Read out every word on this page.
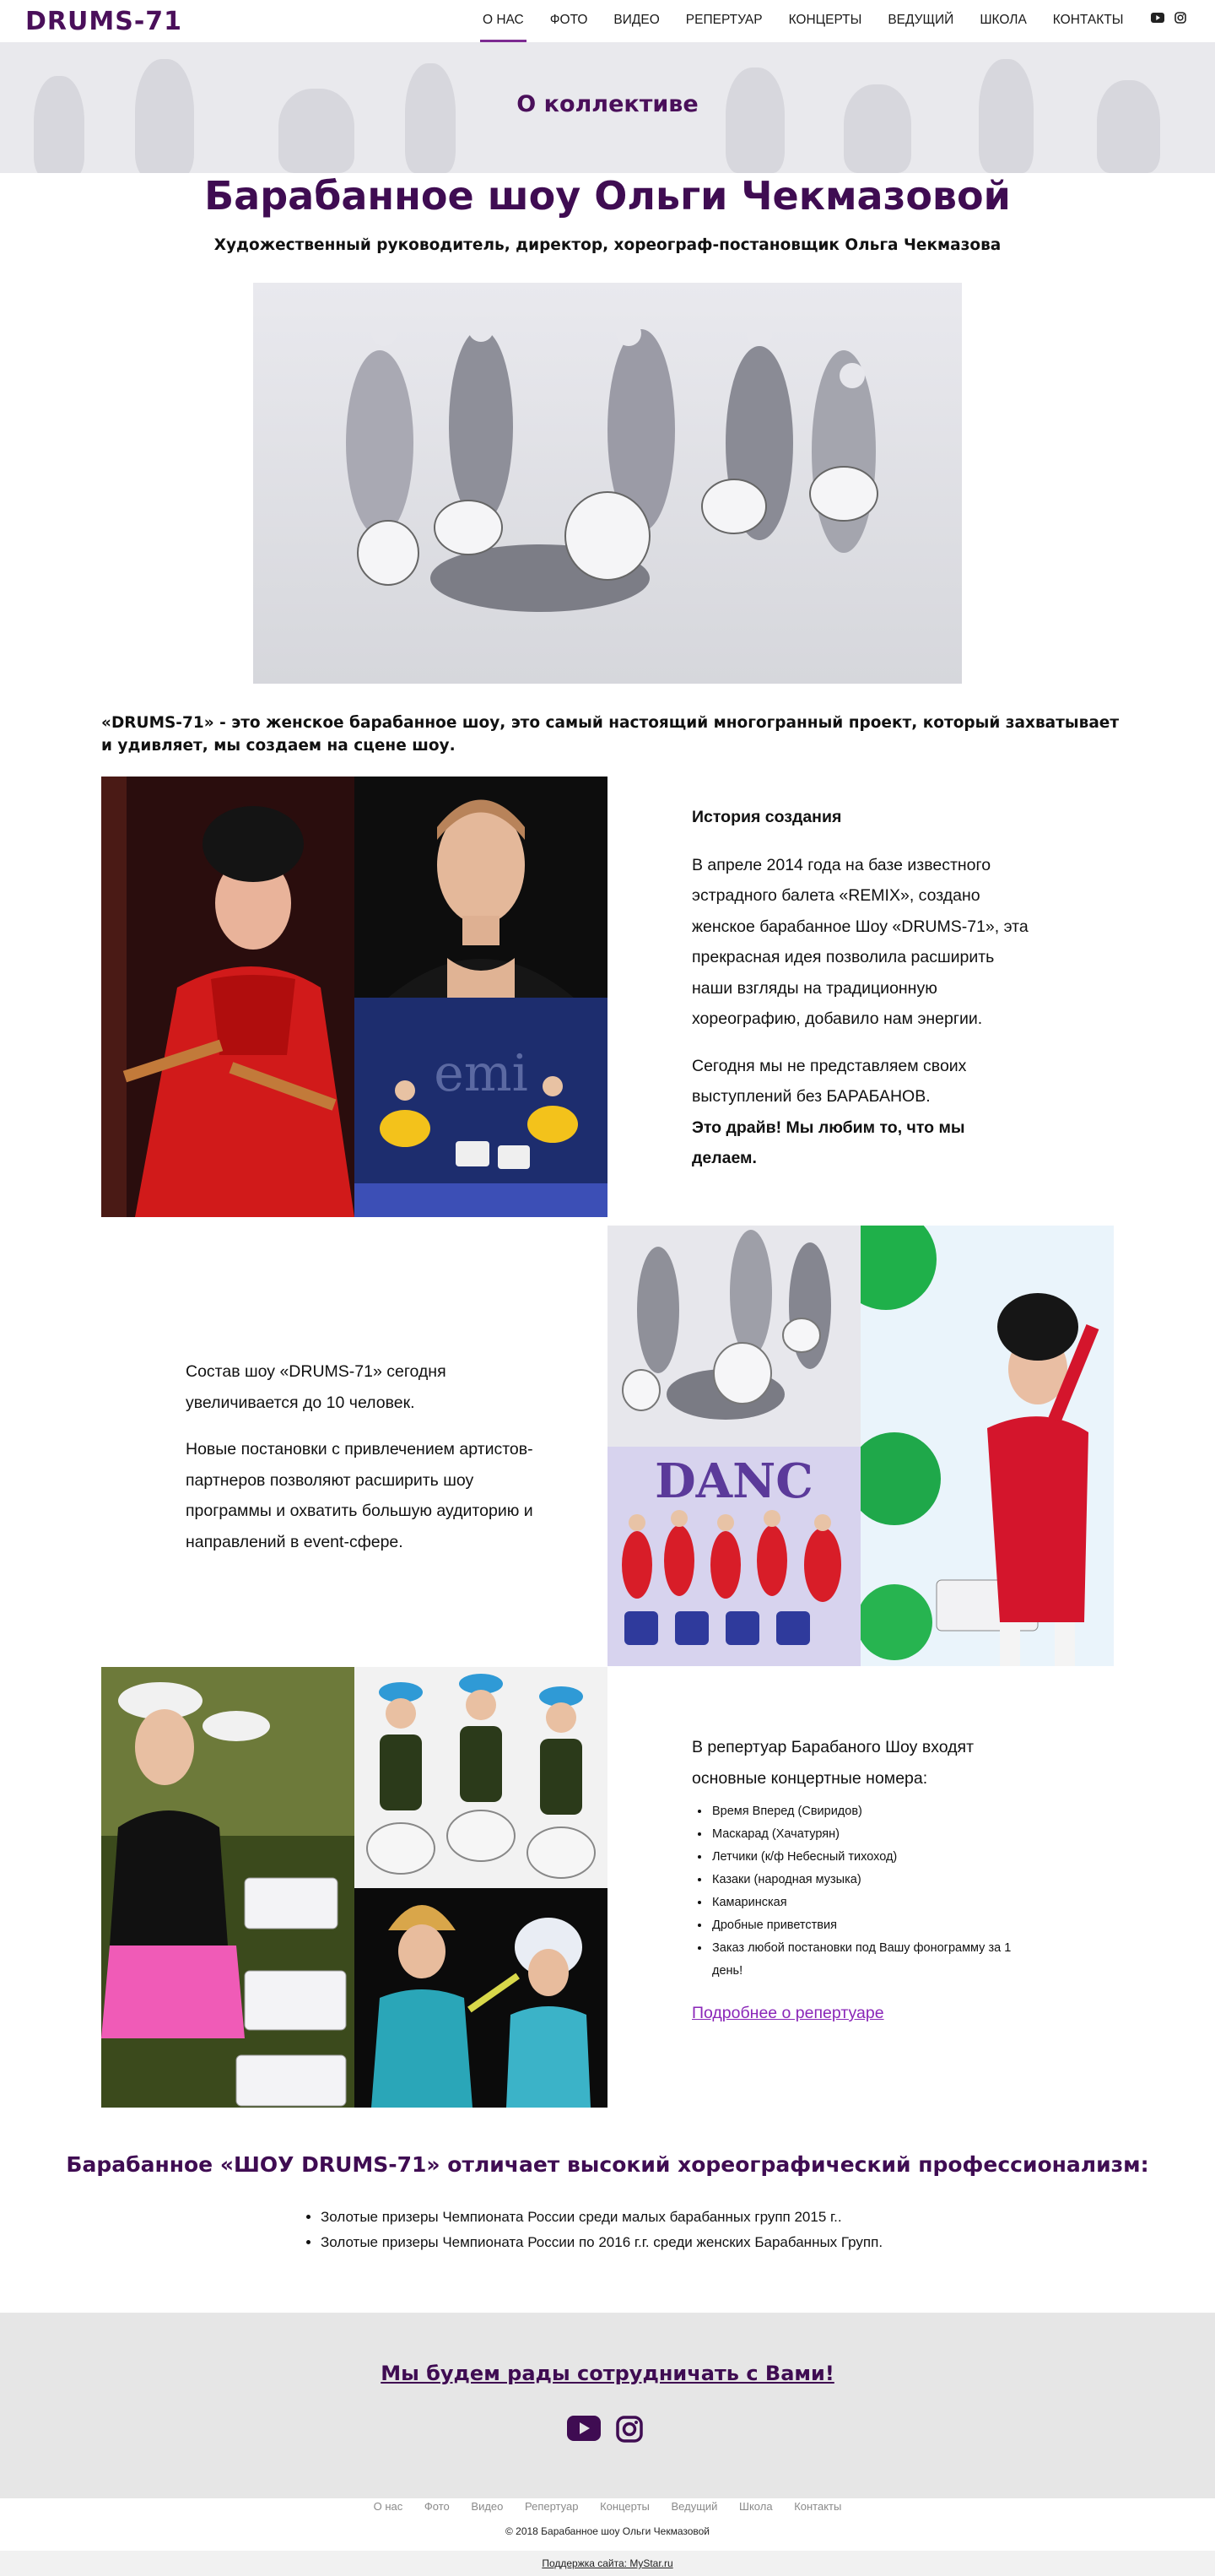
DRUMS-71	О НАС ФОТО ВИДЕО РЕПЕРТУАР КОНЦЕРТЫ ВЕДУЩИЙ ШКОЛА КОНТАКТЫ
О коллективе
Барабанное шоу Ольги Чекмазовой
Художественный руководитель, директор, хореограф-постановщик Ольга Чекмазова

«DRUMS-71» - это женское барабанное шоу, это самый настоящий многогранный проект, который захватывает и удивляет, мы создаем на сцене шоу.

emi

История создания

В апреле 2014 года на базе известного эстрадного балета «REMIX», создано женское барабанное Шоу «DRUMS-71», эта прекрасная идея позволила расширить наши взгляды на традиционную хореографию, добавило нам энергии.

Сегодня мы не представляем своих выступлений без БАРАБАНОВ.

Это драйв! Мы любим то, что мы делаем.

Состав шоу «DRUMS-71» сегодня увеличивается до 10 человек.

Новые постановки с привлечением артистов-партнеров позволяют расширить шоу программы и охватить большую аудиторию и направлений в event-сфере.

DANC

В репертуар Барабаного Шоу входят основные концертные номера:

• Время Вперед (Свиридов)
• Маскарад (Хачатурян)
• Летчики (к/ф Небесный тихоход)
• Казаки (народная музыка)
• Камаринская
• Дробные приветствия
• Заказ любой постановки под Вашу фонограмму за 1 день!
Подробнее о репертуаре
Барабанное «ШОУ DRUMS-71» отличает высокий хореографический профессионализм:
• Золотые призеры Чемпионата России среди малых барабанных групп 2015 г..
• Золотые призеры Чемпионата России по 2016 г.г. среди женских Барабанных Групп.
Мы будем рады сотрудничать с Вами!
О нас Фото Видео Репертуар Концерты Ведущий Школа Контакты
© 2018 Барабанное шоу Ольги Чекмазовой
Поддержка сайта: MyStar.ru
